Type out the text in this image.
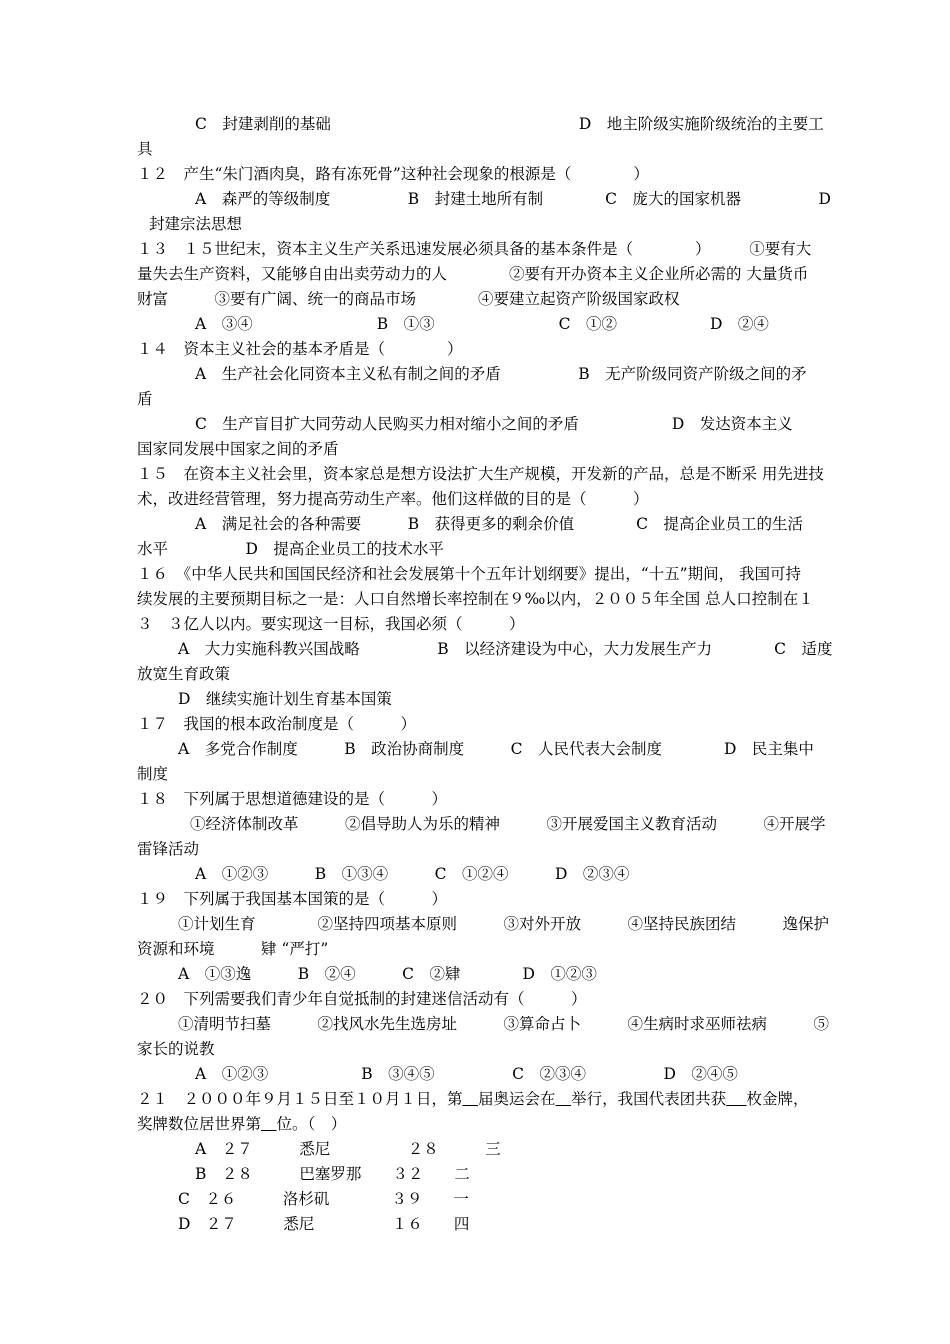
C　封建剥削的基础　　　　　　　　　　　　　　　　D　地主阶级实施阶级统治的主要工
具
１２　产生“朱门酒肉臭，路有冻死骨”这种社会现象的根源是（　　　　）
A　森严的等级制度　　　　　B　封建土地所有制　　　　C　庞大的国家机器　　　　　D
封建宗法思想
１３　１５世纪末，资本主义生产关系迅速发展必须具备的基本条件是（　　　　）　　　①要有大
量失去生产资料，又能够自由出卖劳动力的人　　　　②要有开办资本主义企业所必需的 大量货币
财富　　　③要有广阔、统一的商品市场　　　　④要建立起资产阶级国家政权
A　③④　　　　　　　　B　①③　　　　　　　　C　①②　　　　　　D　②④
１４　资本主义社会的基本矛盾是（　　　　）
A　生产社会化同资本主义私有制之间的矛盾　　　　　B　无产阶级同资产阶级之间的矛
盾
C　生产盲目扩大同劳动人民购买力相对缩小之间的矛盾　　　　　　D　发达资本主义
国家同发展中国家之间的矛盾
１５　在资本主义社会里，资本家总是想方设法扩大生产规模，开发新的产品，总是不断采 用先进技
术，改进经营管理，努力提高劳动生产率。他们这样做的目的是（　　　）
A　满足社会的各种需要　　　B　获得更多的剩余价值　　　　C　提高企业员工的生活
水平　　　　　D　提高企业员工的技术水平
１６　《中华人民共和国国民经济和社会发展第十个五年计划纲要》提出，“十五”期间， 我国可持
续发展的主要预期目标之一是：人口自然增长率控制在９‰以内，２００５年全国 总人口控制在１
３　３亿人以内。要实现这一目标，我国必须（　　　）
A　大力实施科教兴国战略　　　　　B　以经济建设为中心，大力发展生产力　　　　C　适度
放宽生育政策
D　继续实施计划生育基本国策
１７　我国的根本政治制度是（　　　）
A　多党合作制度　　　B　政治协商制度　　　C　人民代表大会制度　　　　D　民主集中
制度
１８　下列属于思想道德建设的是（　　　）
①经济体制改革　　　②倡导助人为乐的精神　　　③开展爱国主义教育活动　　　④开展学
雷锋活动
A　①②③　　　B　①③④　　　C　①②④　　　D　②③④
１９　下列属于我国基本国策的是（　　　）
①计划生育　　　　②坚持四项基本原则　　　③对外开放　　　④坚持民族团结　　　逸保护
资源和环境　　　肄 “严打”
A　①③逸　　　B　②④　　　C　②肄　　　　D　①②③
２０　下列需要我们青少年自觉抵制的封建迷信活动有（　　　）
①清明节扫墓　　　②找风水先生选房址　　　③算命占卜　　　④生病时求巫师祛病　　　⑤
家长的说教
A　①②③　　　　　　B　③④⑤　　　　　C　②③④　　　　　D　②④⑤
２１　２０００年９月１５日至１０月１日，第　 届奥运会在　 举行，我国代表团共获　 枚金牌，
奖牌数位居世界第　 位。（　）
A　２７　　　悉尼　　　　　２８　　　三
B　２８　　　巴塞罗那　　３２　　二
C　２６　　　洛杉矶　　　　３９　　一
D　２７　　　悉尼　　　　　１６　　四
